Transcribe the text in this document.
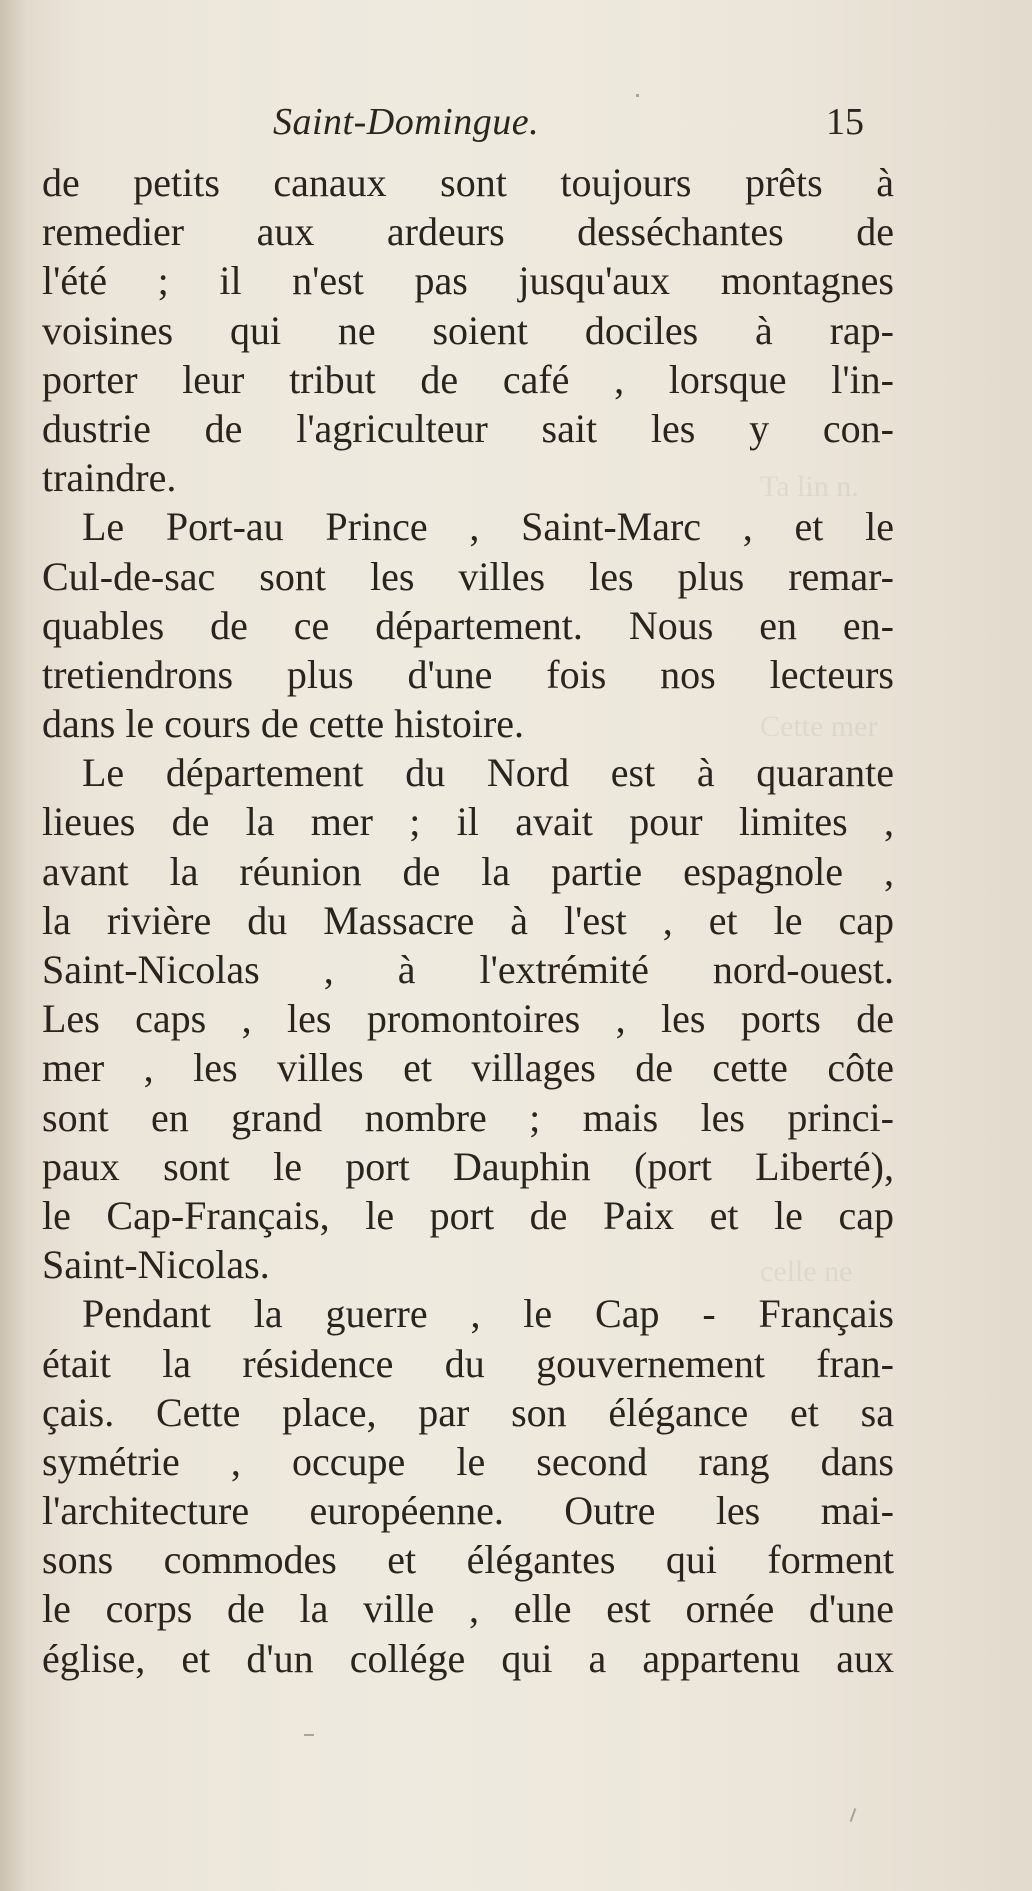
Ta lin n.
Cette mer
celle ne
Saint-Domingue.	15
de petits canaux sont toujours prêts à
remedier aux ardeurs desséchantes de
l'été ; il n'est pas jusqu'aux montagnes
voisines qui ne soient dociles à rap-
porter leur tribut de café , lorsque l'in-
dustrie de l'agriculteur sait les y con-
traindre.
Le Port-au Prince , Saint-Marc , et le
Cul-de-sac sont les villes les plus remar-
quables de ce département. Nous en en-
tretiendrons plus d'une fois nos lecteurs
dans le cours de cette histoire.
Le département du Nord est à quarante
lieues de la mer ; il avait pour limites ,
avant la réunion de la partie espagnole ,
la rivière du Massacre à l'est , et le cap
Saint-Nicolas , à l'extrémité nord-ouest.
Les caps , les promontoires , les ports de
mer , les villes et villages de cette côte
sont en grand nombre ; mais les princi-
paux sont le port Dauphin (port Liberté),
le Cap-Français, le port de Paix et le cap
Saint-Nicolas.
Pendant la guerre , le Cap - Français
était la résidence du gouvernement fran-
çais. Cette place, par son élégance et sa
symétrie , occupe le second rang dans
l'architecture européenne. Outre les mai-
sons commodes et élégantes qui forment
le corps de la ville , elle est ornée d'une
église, et d'un collége qui a appartenu aux
